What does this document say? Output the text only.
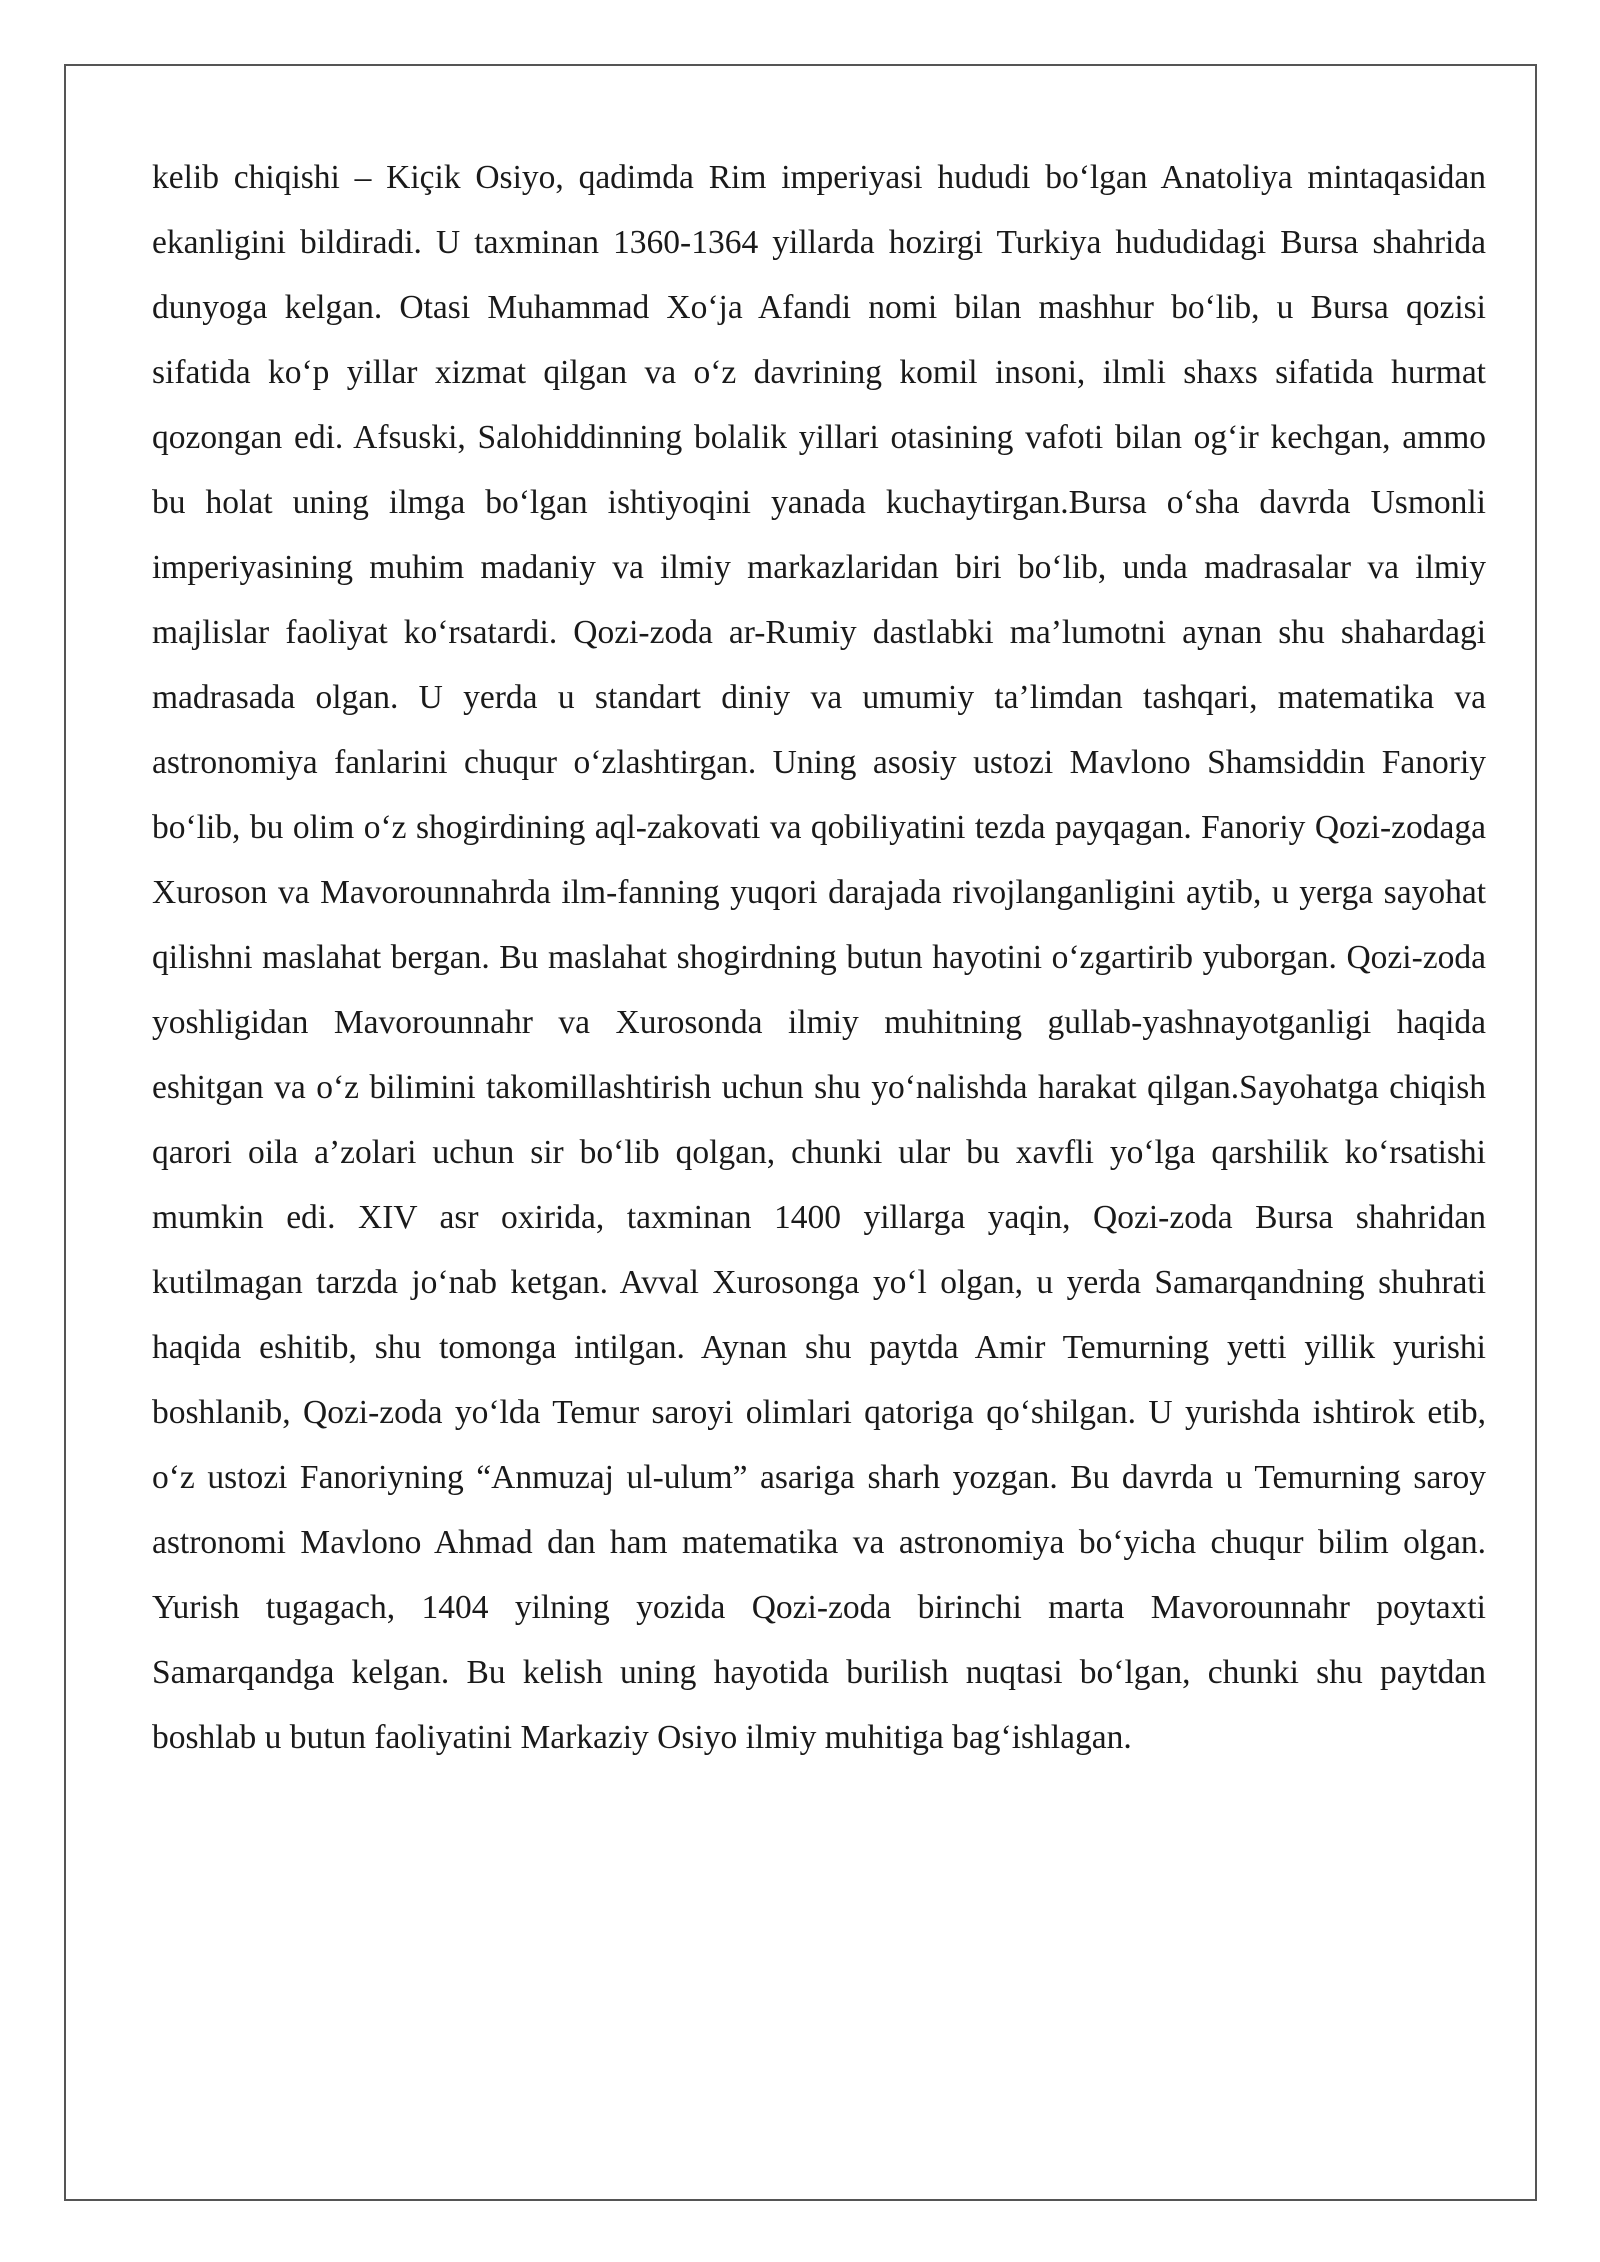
kelib chiqishi – Kiçik Osiyo, qadimda Rim imperiyasi hududi bo‘lgan Anatoliya mintaqasidan ekanligini bildiradi. U taxminan 1360-1364 yillarda hozirgi Turkiya hududidagi Bursa shahrida dunyoga kelgan. Otasi Muhammad Xo‘ja Afandi nomi bilan mashhur bo‘lib, u Bursa qozisi sifatida ko‘p yillar xizmat qilgan va o‘z davrining komil insoni, ilmli shaxs sifatida hurmat qozongan edi. Afsuski, Salohiddinning bolalik yillari otasining vafoti bilan og‘ir kechgan, ammo bu holat uning ilmga bo‘lgan ishtiyoqini yanada kuchaytirgan.Bursa o‘sha davrda Usmonli imperiyasining muhim madaniy va ilmiy markazlaridan biri bo‘lib, unda madrasalar va ilmiy majlislar faoliyat ko‘rsatardi. Qozi-zoda ar-Rumiy dastlabki ma’lumotni aynan shu shahardagi madrasada olgan. U yerda u standart diniy va umumiy ta’limdan tashqari, matematika va astronomiya fanlarini chuqur o‘zlashtirgan. Uning asosiy ustozi Mavlono Shamsiddin Fanoriy bo‘lib, bu olim o‘z shogirdining aql-zakovati va qobiliyatini tezda payqagan. Fanoriy Qozi-zodaga Xuroson va Mavorounnahrda ilm-fanning yuqori darajada rivojlanganligini aytib, u yerga sayohat qilishni maslahat bergan. Bu maslahat shogirdning butun hayotini o‘zgartirib yuborgan. Qozi-zoda yoshligidan Mavorounnahr va Xurosonda ilmiy muhitning gullab-yashnayotganligi haqida eshitgan va o‘z bilimini takomillashtirish uchun shu yo‘nalishda harakat qilgan.Sayohatga chiqish qarori oila a’zolari uchun sir bo‘lib qolgan, chunki ular bu xavfli yo‘lga qarshilik ko‘rsatishi mumkin edi. XIV asr oxirida, taxminan 1400 yillarga yaqin, Qozi-zoda Bursa shahridan kutilmagan tarzda jo‘nab ketgan. Avval Xurosonga yo‘l olgan, u yerda Samarqandning shuhrati haqida eshitib, shu tomonga intilgan. Aynan shu paytda Amir Temurning yetti yillik yurishi boshlanib, Qozi-zoda yo‘lda Temur saroyi olimlari qatoriga qo‘shilgan. U yurishda ishtirok etib, o‘z ustozi Fanoriyning “Anmuzaj ul-ulum” asariga sharh yozgan. Bu davrda u Temurning saroy astronomi Mavlono Ahmad dan ham matematika va astronomiya bo‘yicha chuqur bilim olgan. Yurish tugagach, 1404 yilning yozida Qozi-zoda birinchi marta Mavorounnahr poytaxti Samarqandga kelgan. Bu kelish uning hayotida burilish nuqtasi bo‘lgan, chunki shu paytdan boshlab u butun faoliyatini Markaziy Osiyo ilmiy muhitiga bag‘ishlagan.
